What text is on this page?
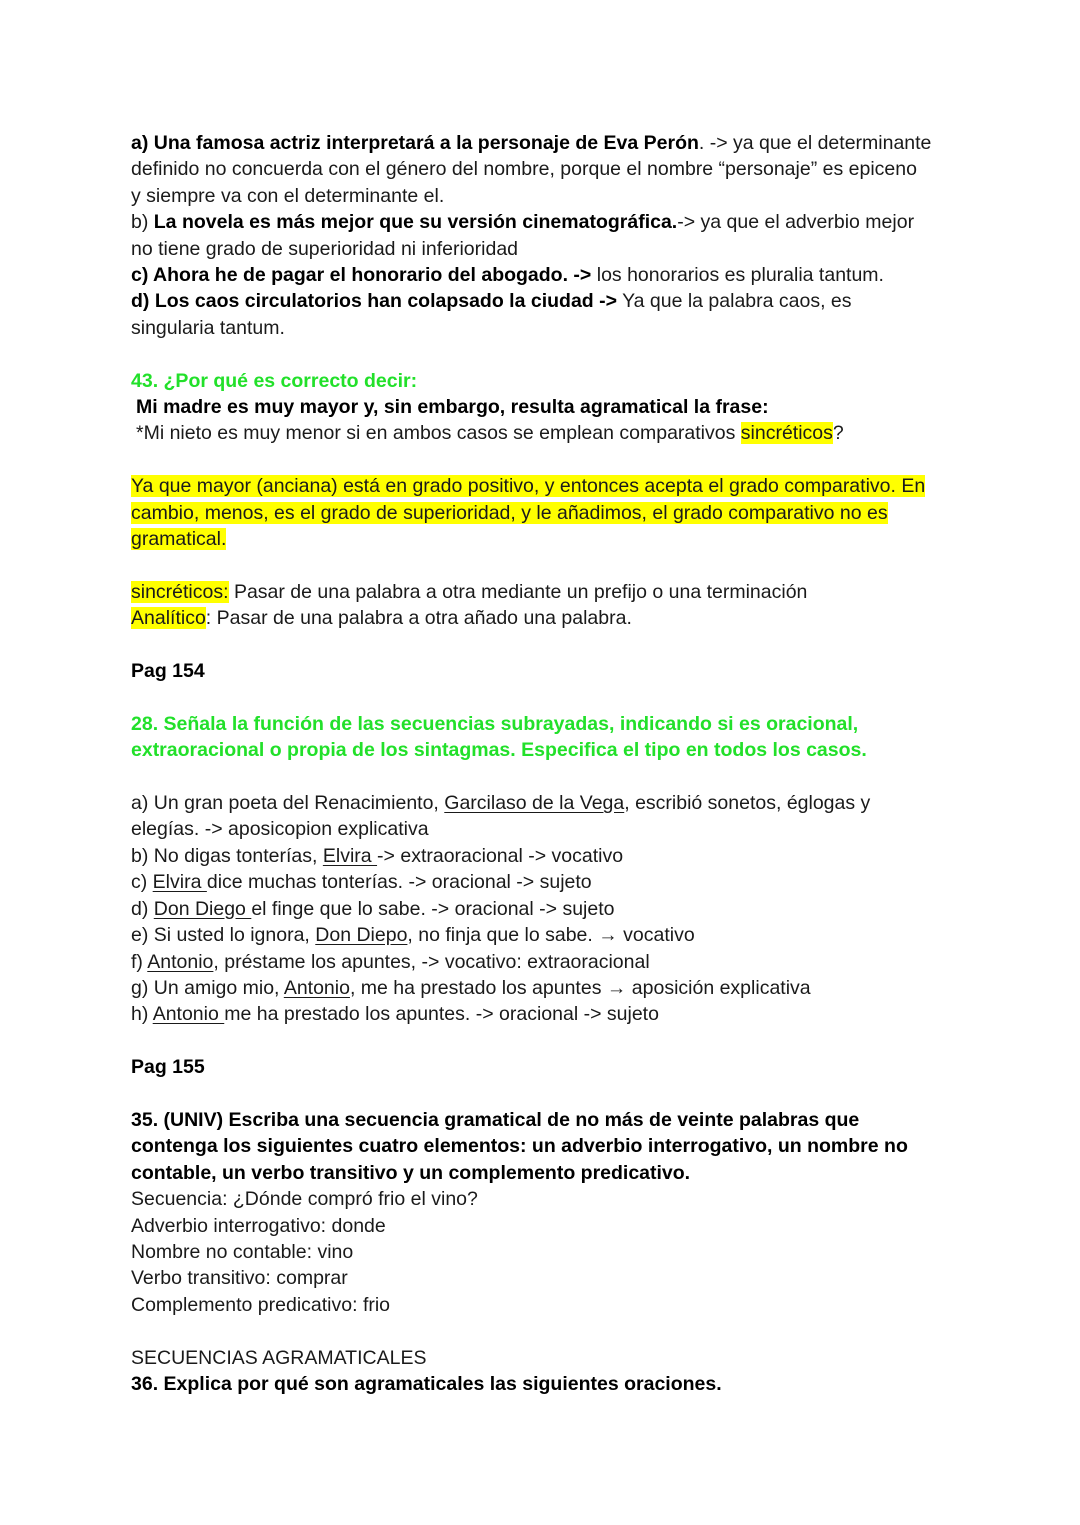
a) Una famosa actriz interpretará a la personaje de Eva Perón. -> ya que el determinante
definido no concuerda con el género del nombre, porque el nombre “personaje” es epiceno
y siempre va con el determinante el.
b) La novela es más mejor que su versión cinematográfica.-> ya que el adverbio mejor
no tiene grado de superioridad ni inferioridad
c) Ahora he de pagar el honorario del abogado. -> los honorarios es pluralia tantum.
d) Los caos circulatorios han colapsado la ciudad -> Ya que la palabra caos, es
singularia tantum.
43. ¿Por qué es correcto decir:
Mi madre es muy mayor y, sin embargo, resulta agramatical la frase:
*Mi nieto es muy menor si en ambos casos se emplean comparativos sincréticos?
Ya que mayor (anciana) está en grado positivo, y entonces acepta el grado comparativo. En
cambio, menos, es el grado de superioridad, y le añadimos, el grado comparativo no es
gramatical.
sincréticos: Pasar de una palabra a otra mediante un prefijo o una terminación
Analítico: Pasar de una palabra a otra añado una palabra.
Pag 154
28. Señala la función de las secuencias subrayadas, indicando si es oracional,
extraoracional o propia de los sintagmas. Especifica el tipo en todos los casos.
a) Un gran poeta del Renacimiento, Garcilaso de la Vega, escribió sonetos, églogas y
elegías. -> aposicopion explicativa
b) No digas tonterías, Elvira -> extraoracional -> vocativo
c) Elvira dice muchas tonterías. -> oracional -> sujeto
d) Don Diego el finge que lo sabe. -> oracional -> sujeto
e) Si usted lo ignora, Don Diepo, no finja que lo sabe. → vocativo
f) Antonio, préstame los apuntes, -> vocativo: extraoracional
g) Un amigo mio, Antonio, me ha prestado los apuntes → aposición explicativa
h) Antonio me ha prestado los apuntes. -> oracional -> sujeto
Pag 155
35. (UNIV) Escriba una secuencia gramatical de no más de veinte palabras que
contenga los siguientes cuatro elementos: un adverbio interrogativo, un nombre no
contable, un verbo transitivo y un complemento predicativo.
Secuencia: ¿Dónde compró frio el vino?
Adverbio interrogativo: donde
Nombre no contable: vino
Verbo transitivo: comprar
Complemento predicativo: frio
SECUENCIAS AGRAMATICALES
36. Explica por qué son agramaticales las siguientes oraciones.
